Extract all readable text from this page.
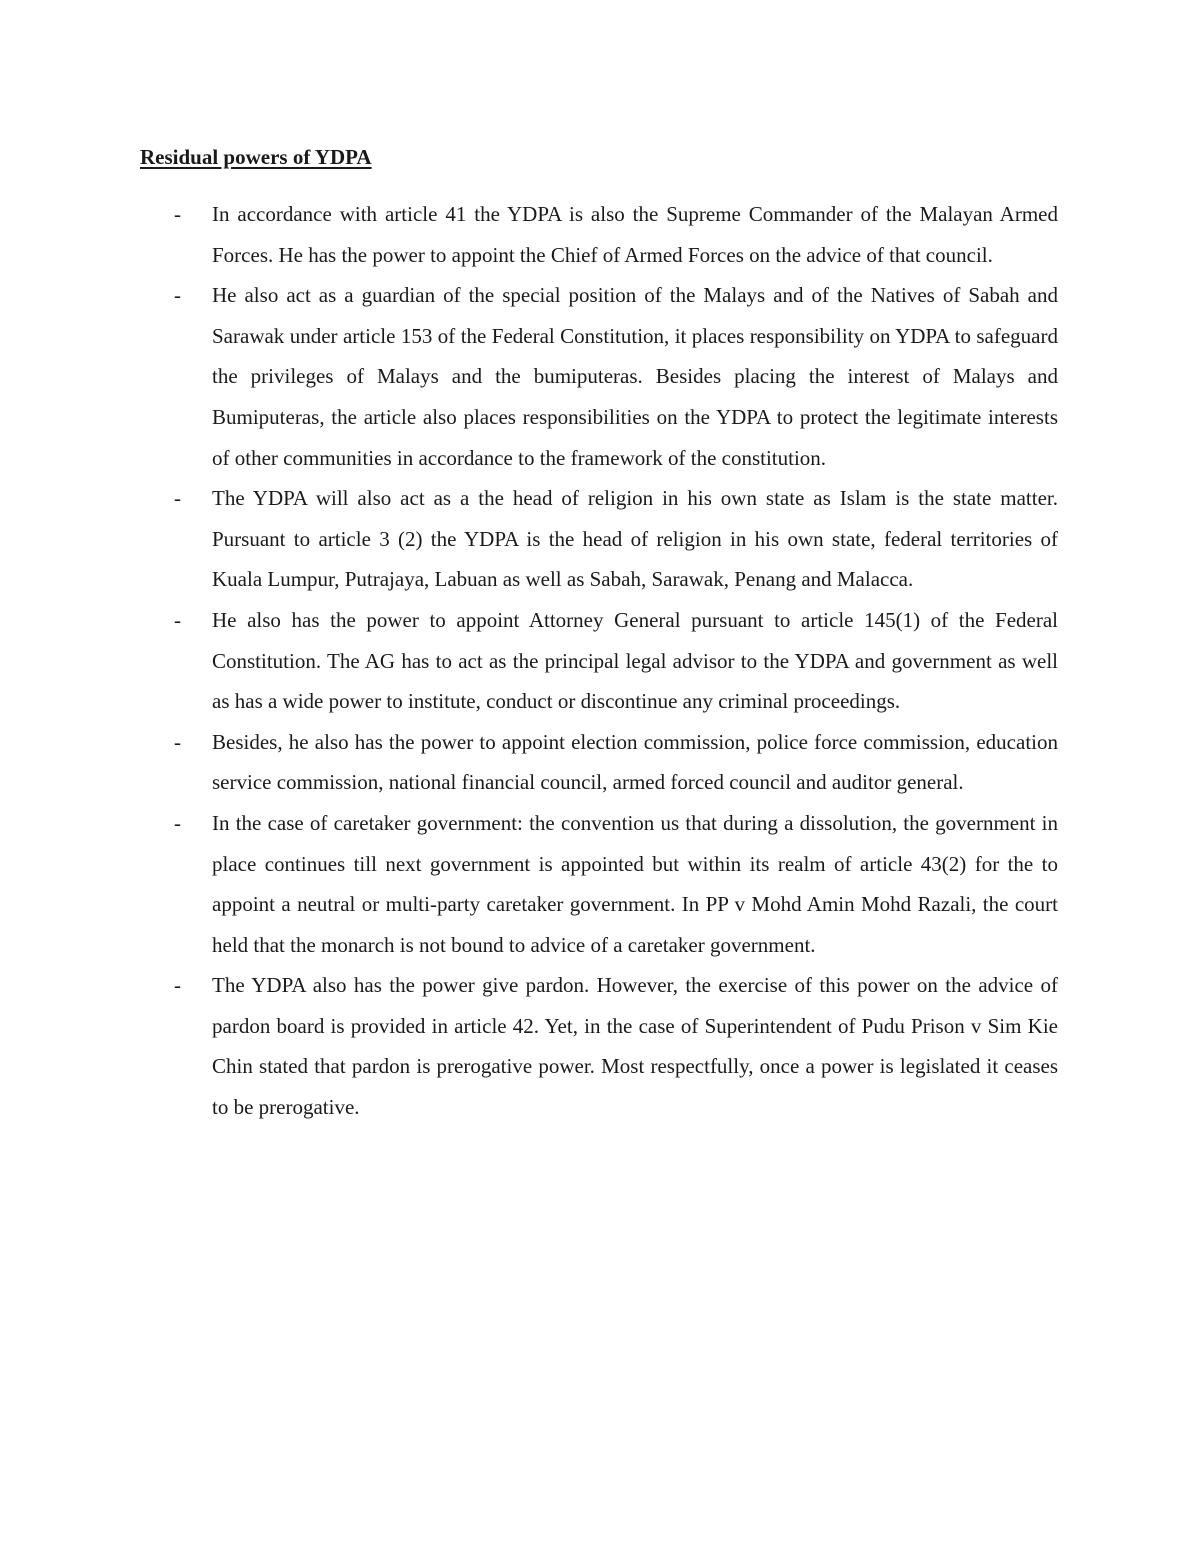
Residual powers of YDPA
-	In accordance with article 41 the YDPA is also the Supreme Commander of the Malayan Armed Forces. He has the power to appoint the Chief of Armed Forces on the advice of that council.
-	He also act as a guardian of the special position of the Malays and of the Natives of Sabah and Sarawak under article 153 of the Federal Constitution, it places responsibility on YDPA to safeguard the privileges of Malays and the bumiputeras. Besides placing the interest of Malays and Bumiputeras, the article also places responsibilities on the YDPA to protect the legitimate interests of other communities in accordance to the framework of the constitution.
-	The YDPA will also act as a the head of religion in his own state as Islam is the state matter. Pursuant to article 3 (2) the YDPA is the head of religion in his own state, federal territories of Kuala Lumpur, Putrajaya, Labuan as well as Sabah, Sarawak, Penang and Malacca.
-	He also has the power to appoint Attorney General pursuant to article 145(1) of the Federal Constitution. The AG has to act as the principal legal advisor to the YDPA and government as well as has a wide power to institute, conduct or discontinue any criminal proceedings.
-	Besides, he also has the power to appoint election commission, police force commission, education service commission, national financial council, armed forced council and auditor general.
-	In the case of caretaker government: the convention us that during a dissolution, the government in place continues till next government is appointed but within its realm of article 43(2) for the to appoint a neutral or multi-party caretaker government. In PP v Mohd Amin Mohd Razali, the court held that the monarch is not bound to advice of a caretaker government.
-	The YDPA also has the power give pardon. However, the exercise of this power on the advice of pardon board is provided in article 42. Yet, in the case of Superintendent of Pudu Prison v Sim Kie Chin stated that pardon is prerogative power. Most respectfully, once a power is legislated it ceases to be prerogative.
